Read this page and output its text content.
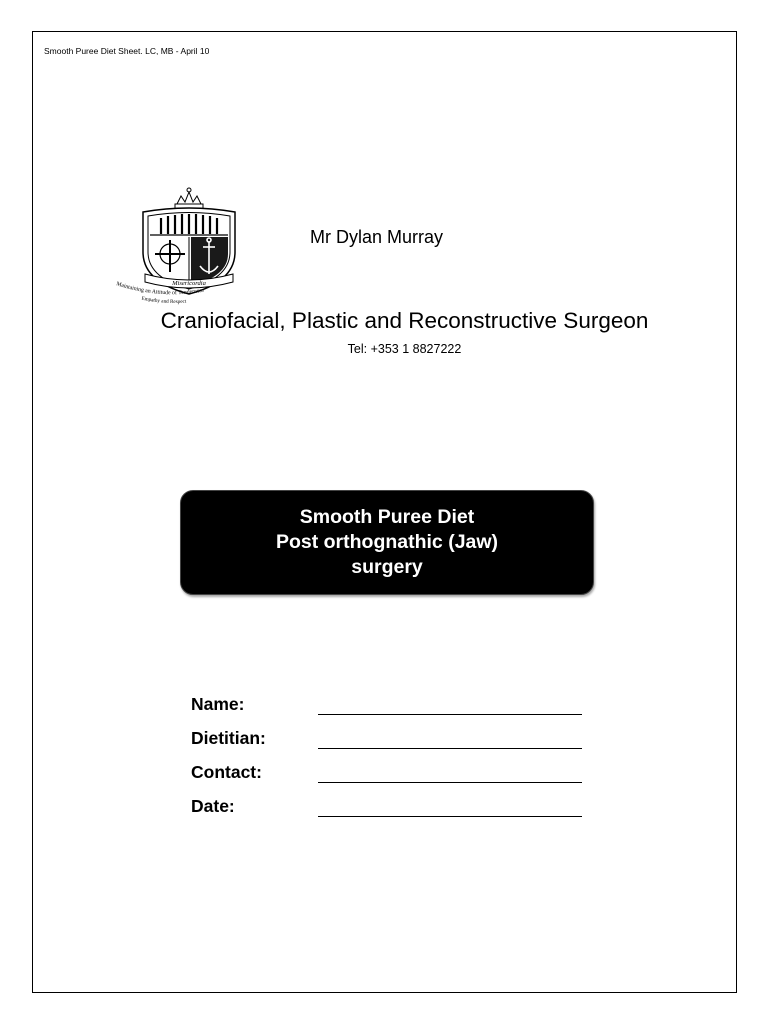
Smooth Puree Diet Sheet. LC, MB - April 10
Misericordia
Maintaining an Attitude of Tenderness
Empathy and Respect
Mr Dylan Murray
Craniofacial, Plastic and Reconstructive Surgeon
Tel: +353 1 8827222
Smooth Puree Diet
Post orthognathic (Jaw)
surgery
Name:
Dietitian:
Contact:
Date:
